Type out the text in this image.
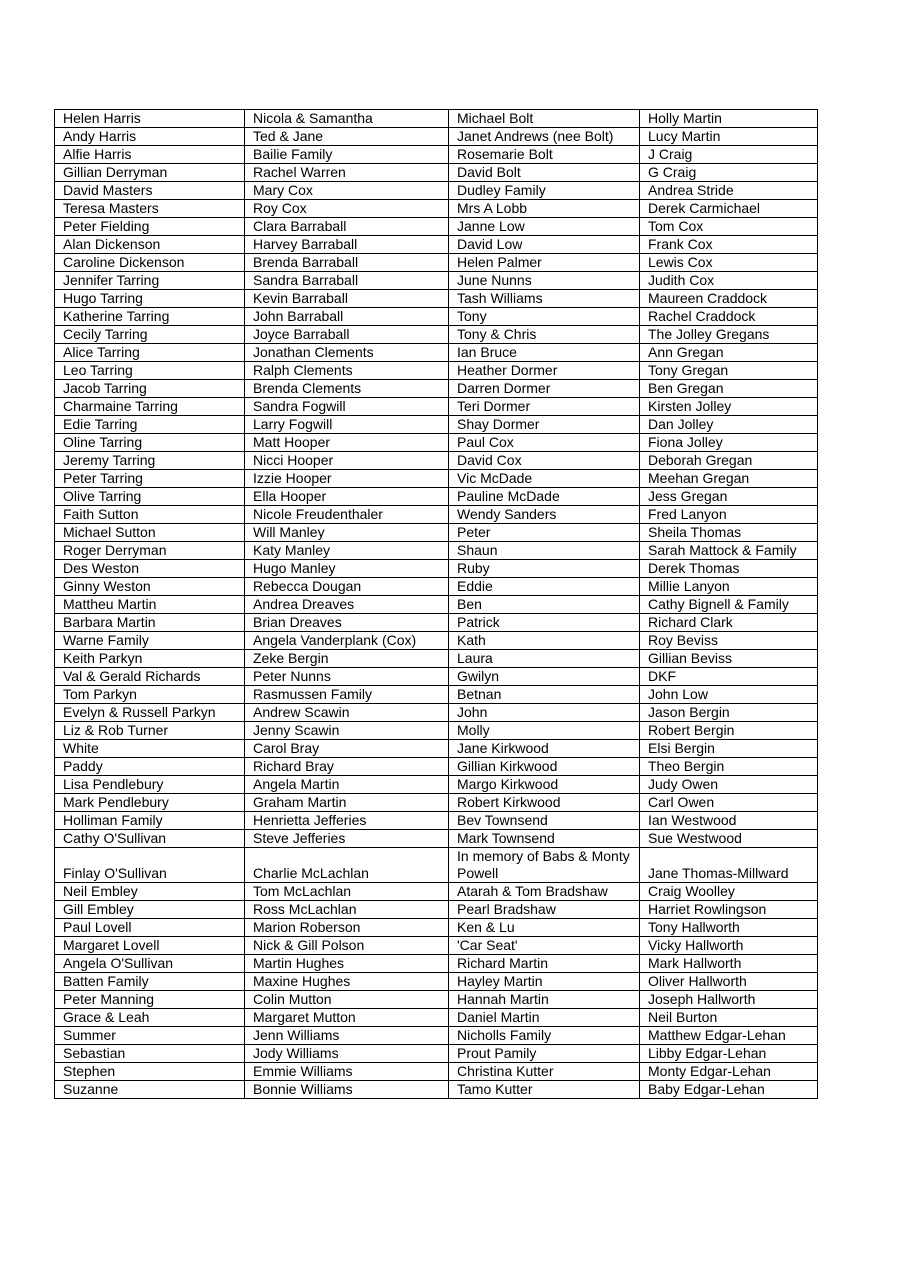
Helen Harris	Nicola & Samantha	Michael Bolt	Holly Martin
Andy Harris	Ted & Jane	Janet Andrews (nee Bolt)	Lucy Martin
Alfie Harris	Bailie Family	Rosemarie Bolt	J Craig
Gillian Derryman	Rachel Warren	David Bolt	G Craig
David Masters	Mary Cox	Dudley Family	Andrea Stride
Teresa Masters	Roy Cox	Mrs A Lobb	Derek Carmichael
Peter Fielding	Clara Barraball	Janne Low	Tom Cox
Alan Dickenson	Harvey Barraball	David Low	Frank Cox
Caroline Dickenson	Brenda Barraball	Helen Palmer	Lewis Cox
Jennifer Tarring	Sandra Barraball	June Nunns	Judith Cox
Hugo Tarring	Kevin Barraball	Tash Williams	Maureen Craddock
Katherine Tarring	John Barraball	Tony	Rachel Craddock
Cecily Tarring	Joyce Barraball	Tony & Chris	The Jolley Gregans
Alice Tarring	Jonathan Clements	Ian Bruce	Ann Gregan
Leo Tarring	Ralph Clements	Heather Dormer	Tony Gregan
Jacob Tarring	Brenda Clements	Darren Dormer	Ben Gregan
Charmaine Tarring	Sandra Fogwill	Teri Dormer	Kirsten Jolley
Edie Tarring	Larry Fogwill	Shay Dormer	Dan Jolley
Oline Tarring	Matt Hooper	Paul Cox	Fiona Jolley
Jeremy Tarring	Nicci Hooper	David Cox	Deborah Gregan
Peter Tarring	Izzie Hooper	Vic McDade	Meehan Gregan
Olive Tarring	Ella Hooper	Pauline McDade	Jess Gregan
Faith Sutton	Nicole Freudenthaler	Wendy Sanders	Fred Lanyon
Michael Sutton	Will Manley	Peter	Sheila Thomas
Roger Derryman	Katy Manley	Shaun	Sarah Mattock & Family
Des Weston	Hugo Manley	Ruby	Derek Thomas
Ginny Weston	Rebecca Dougan	Eddie	Millie Lanyon
Mattheu Martin	Andrea Dreaves	Ben	Cathy Bignell & Family
Barbara Martin	Brian Dreaves	Patrick	Richard Clark
Warne Family	Angela Vanderplank (Cox)	Kath	Roy Beviss
Keith Parkyn	Zeke Bergin	Laura	Gillian Beviss
Val & Gerald Richards	Peter Nunns	Gwilyn	DKF
Tom Parkyn	Rasmussen Family	Betnan	John Low
Evelyn & Russell Parkyn	Andrew Scawin	John	Jason Bergin
Liz & Rob Turner	Jenny Scawin	Molly	Robert Bergin
White	Carol Bray	Jane Kirkwood	Elsi Bergin
Paddy	Richard Bray	Gillian Kirkwood	Theo Bergin
Lisa Pendlebury	Angela Martin	Margo Kirkwood	Judy Owen
Mark Pendlebury	Graham Martin	Robert Kirkwood	Carl Owen
Holliman Family	Henrietta Jefferies	Bev Townsend	Ian Westwood
Cathy O'Sullivan	Steve Jefferies	Mark Townsend	Sue Westwood
Finlay O'Sullivan	Charlie McLachlan	In memory of Babs & Monty Powell	Jane Thomas-Millward
Neil Embley	Tom McLachlan	Atarah & Tom Bradshaw	Craig Woolley
Gill Embley	Ross McLachlan	Pearl Bradshaw	Harriet Rowlingson
Paul Lovell	Marion Roberson	Ken & Lu	Tony Hallworth
Margaret Lovell	Nick & Gill Polson	'Car Seat'	Vicky Hallworth
Angela O'Sullivan	Martin Hughes	Richard Martin	Mark Hallworth
Batten Family	Maxine Hughes	Hayley Martin	Oliver Hallworth
Peter Manning	Colin Mutton	Hannah Martin	Joseph Hallworth
Grace & Leah	Margaret Mutton	Daniel Martin	Neil Burton
Summer	Jenn Williams	Nicholls Family	Matthew Edgar-Lehan
Sebastian	Jody Williams	Prout Pamily	Libby Edgar-Lehan
Stephen	Emmie Williams	Christina Kutter	Monty Edgar-Lehan
Suzanne	Bonnie Williams	Tamo Kutter	Baby Edgar-Lehan
